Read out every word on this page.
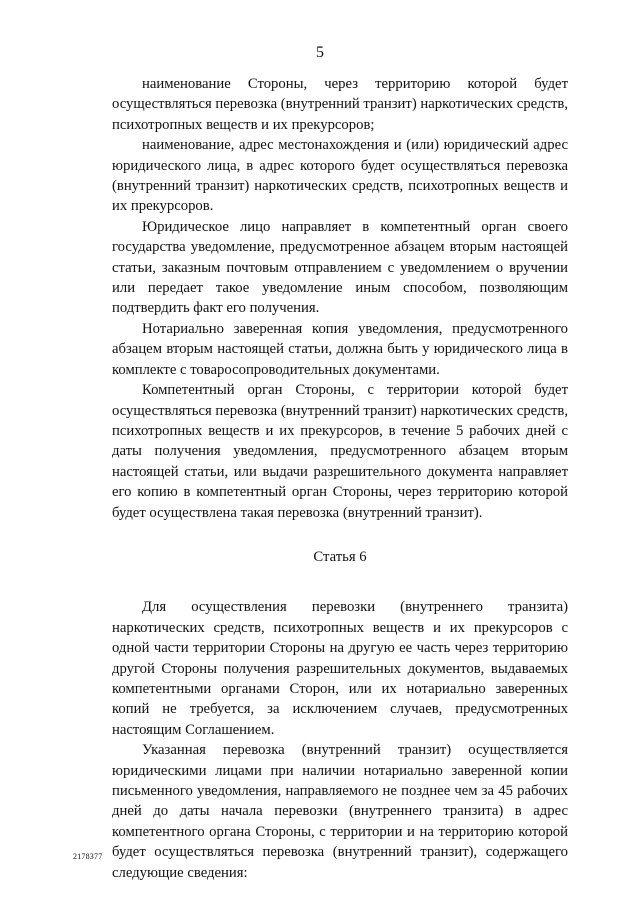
5

наименование Стороны, через территорию которой будет осуществляться перевозка (внутренний транзит) наркотических средств, психотропных веществ и их прекурсоров;

наименование, адрес местонахождения и (или) юридический адрес юридического лица, в адрес которого будет осуществляться перевозка (внутренний транзит) наркотических средств, психотропных веществ и их прекурсоров.

Юридическое лицо направляет в компетентный орган своего государства уведомление, предусмотренное абзацем вторым настоящей статьи, заказным почтовым отправлением с уведомлением о вручении или передает такое уведомление иным способом, позволяющим подтвердить факт его получения.

Нотариально заверенная копия уведомления, предусмотренного абзацем вторым настоящей статьи, должна быть у юридического лица в комплекте с товаросопроводительных документами.

Компетентный орган Стороны, с территории которой будет осуществляться перевозка (внутренний транзит) наркотических средств, психотропных веществ и их прекурсоров, в течение 5 рабочих дней с даты получения уведомления, предусмотренного абзацем вторым настоящей статьи, или выдачи разрешительного документа направляет его копию в компетентный орган Стороны, через территорию которой будет осуществлена такая перевозка (внутренний транзит).

Статья 6

Для осуществления перевозки (внутреннего транзита) наркотических средств, психотропных веществ и их прекурсоров с одной части территории Стороны на другую ее часть через территорию другой Стороны получения разрешительных документов, выдаваемых компетентными органами Сторон, или их нотариально заверенных копий не требуется, за исключением случаев, предусмотренных настоящим Соглашением.

Указанная перевозка (внутренний транзит) осуществляется юридическими лицами при наличии нотариально заверенной копии письменного уведомления, направляемого не позднее чем за 45 рабочих дней до даты начала перевозки (внутреннего транзита) в адрес компетентного органа Стороны, с территории и на территорию которой будет осуществляться перевозка (внутренний транзит), содержащего следующие сведения:

2178377
